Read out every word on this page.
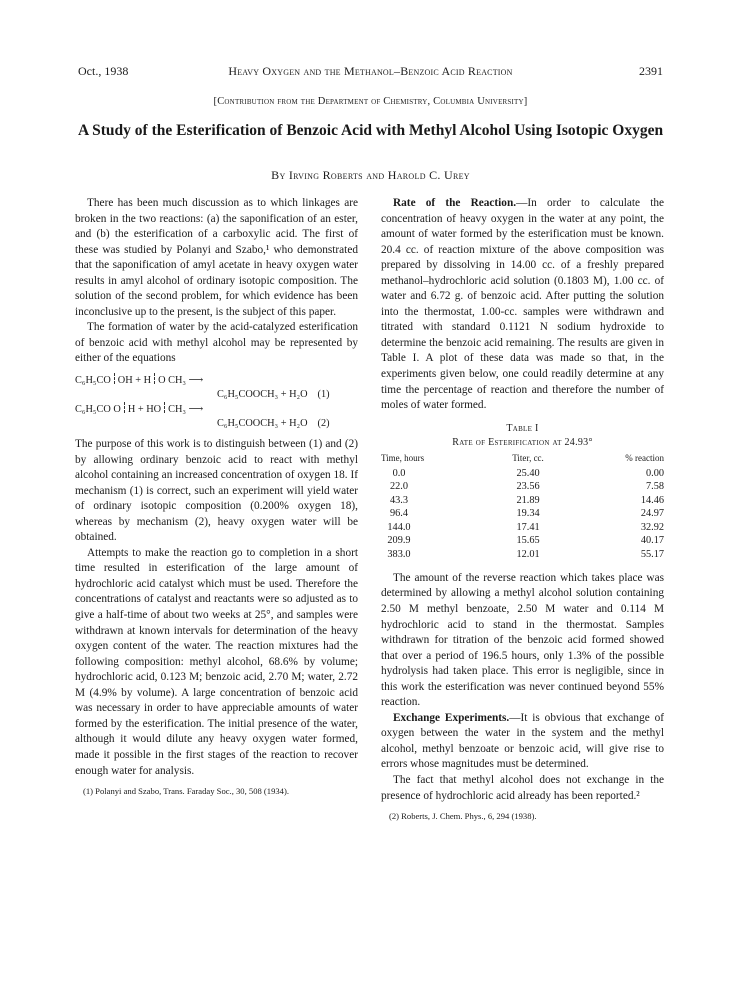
Oct., 1938	Heavy Oxygen and the Methanol–Benzoic Acid Reaction	2391
[Contribution from the Department of Chemistry, Columbia University]
A Study of the Esterification of Benzoic Acid with Methyl Alcohol Using Isotopic Oxygen
By Irving Roberts and Harold C. Urey

There has been much discussion as to which linkages are broken in the two reactions: (a) the saponification of an ester, and (b) the esterification of a carboxylic acid. The first of these was studied by Polanyi and Szabo,¹ who demonstrated that the saponification of amyl acetate in heavy oxygen water results in amyl alcohol of ordinary isotopic composition. The solution of the second problem, for which evidence has been inconclusive up to the present, is the subject of this paper.

The formation of water by the acid-catalyzed esterification of benzoic acid with methyl alcohol may be represented by either of the equations

C₆H₅CO OH + H O CH₃ ⟶
C₆H₅COOCH₃ + H₂O (1)
C₆H₅CO O H + HO CH₃ ⟶
C₆H₅COOCH₃ + H₂O (2)

The purpose of this work is to distinguish between (1) and (2) by allowing ordinary benzoic acid to react with methyl alcohol containing an increased concentration of oxygen 18. If mechanism (1) is correct, such an experiment will yield water of ordinary isotopic composition (0.200% oxygen 18), whereas by mechanism (2), heavy oxygen water will be obtained.

Attempts to make the reaction go to completion in a short time resulted in esterification of the large amount of hydrochloric acid catalyst which must be used. Therefore the concentrations of catalyst and reactants were so adjusted as to give a half-time of about two weeks at 25°, and samples were withdrawn at known intervals for determination of the heavy oxygen content of the water. The reaction mixtures had the following composition: methyl alcohol, 68.6% by volume; hydrochloric acid, 0.123 M; benzoic acid, 2.70 M; water, 2.72 M (4.9% by volume). A large concentration of benzoic acid was necessary in order to have appreciable amounts of water formed by the esterification. The initial presence of the water, although it would dilute any heavy oxygen water formed, made it possible in the first stages of the reaction to recover enough water for analysis.

(1) Polanyi and Szabo, Trans. Faraday Soc., 30, 508 (1934).

Rate of the Reaction.—In order to calculate the concentration of heavy oxygen in the water at any point, the amount of water formed by the esterification must be known. 20.4 cc. of reaction mixture of the above composition was prepared by dissolving in 14.00 cc. of a freshly prepared methanol–hydrochloric acid solution (0.1803 M), 1.00 cc. of water and 6.72 g. of benzoic acid. After putting the solution into the thermostat, 1.00-cc. samples were withdrawn and titrated with standard 0.1121 N sodium hydroxide to determine the benzoic acid remaining. The results are given in Table I. A plot of these data was made so that, in the experiments given below, one could readily determine at any time the percentage of reaction and therefore the number of moles of water formed.

Table I
Rate of Esterification at 24.93°
Time, hours	Titer, cc.	% reaction
0.0	25.40	0.00
22.0	23.56	7.58
43.3	21.89	14.46
96.4	19.34	24.97
144.0	17.41	32.92
209.9	15.65	40.17
383.0	12.01	55.17

The amount of the reverse reaction which takes place was determined by allowing a methyl alcohol solution containing 2.50 M methyl benzoate, 2.50 M water and 0.114 M hydrochloric acid to stand in the thermostat. Samples withdrawn for titration of the benzoic acid formed showed that over a period of 196.5 hours, only 1.3% of the possible hydrolysis had taken place. This error is negligible, since in this work the esterification was never continued beyond 55% reaction.

Exchange Experiments.—It is obvious that exchange of oxygen between the water in the system and the methyl alcohol, methyl benzoate or benzoic acid, will give rise to errors whose magnitudes must be determined.

The fact that methyl alcohol does not exchange in the presence of hydrochloric acid already has been reported.²

(2) Roberts, J. Chem. Phys., 6, 294 (1938).
